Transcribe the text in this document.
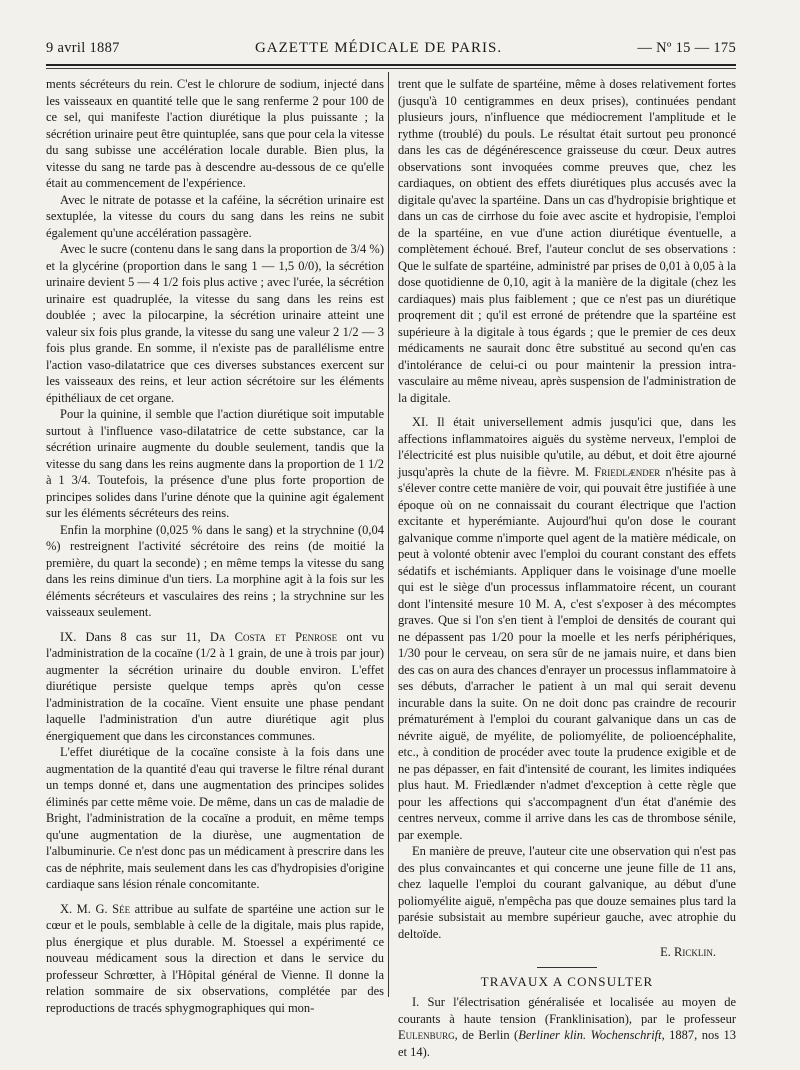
9 avril 1887	GAZETTE MÉDICALE DE PARIS.	— Nº 15 — 175

ments sécréteurs du rein. C'est le chlorure de sodium, injecté dans les vaisseaux en quantité telle que le sang renferme 2 pour 100 de ce sel, qui manifeste l'action diurétique la plus puissante ; la sécrétion urinaire peut être quintuplée, sans que pour cela la vitesse du sang subisse une accélération locale durable. Bien plus, la vitesse du sang ne tarde pas à descendre au-dessous de ce qu'elle était au commencement de l'expérience.

Avec le nitrate de potasse et la caféine, la sécrétion urinaire est sextuplée, la vitesse du cours du sang dans les reins ne subit également qu'une accélération passagère.

Avec le sucre (contenu dans le sang dans la proportion de 3/4 %) et la glycérine (proportion dans le sang 1 — 1,5 0/0), la sécrétion urinaire devient 5 — 4 1/2 fois plus active ; avec l'urée, la sécrétion urinaire est quadruplée, la vitesse du sang dans les reins est doublée ; avec la pilocarpine, la sécrétion urinaire atteint une valeur six fois plus grande, la vitesse du sang une valeur 2 1/2 — 3 fois plus grande. En somme, il n'existe pas de parallélisme entre l'action vaso-dilatatrice que ces diverses substances exercent sur les vaisseaux des reins, et leur action sécrétoire sur les éléments épithéliaux de cet organe.

Pour la quinine, il semble que l'action diurétique soit imputable surtout à l'influence vaso-dilatatrice de cette substance, car la sécrétion urinaire augmente du double seulement, tandis que la vitesse du sang dans les reins augmente dans la proportion de 1 1/2 à 1 3/4. Toutefois, la présence d'une plus forte proportion de principes solides dans l'urine dénote que la quinine agit également sur les éléments sécréteurs des reins.

Enfin la morphine (0,025 % dans le sang) et la strychnine (0,04 %) restreignent l'activité sécrétoire des reins (de moitié la première, du quart la seconde) ; en même temps la vitesse du sang dans les reins diminue d'un tiers. La morphine agit à la fois sur les éléments sécréteurs et vasculaires des reins ; la strychnine sur les vaisseaux seulement.

IX. Dans 8 cas sur 11, Da Costa et Penrose ont vu l'administration de la cocaïne (1/2 à 1 grain, de une à trois par jour) augmenter la sécrétion urinaire du double environ. L'effet diurétique persiste quelque temps après qu'on cesse l'administration de la cocaïne. Vient ensuite une phase pendant laquelle l'administration d'un autre diurétique agit plus énergiquement que dans les circonstances communes.

L'effet diurétique de la cocaïne consiste à la fois dans une augmentation de la quantité d'eau qui traverse le filtre rénal durant un temps donné et, dans une augmentation des principes solides éliminés par cette même voie. De même, dans un cas de maladie de Bright, l'administration de la cocaïne a produit, en même temps qu'une augmentation de la diurèse, une augmentation de l'albuminurie. Ce n'est donc pas un médicament à prescrire dans les cas de néphrite, mais seulement dans les cas d'hydropisies d'origine cardiaque sans lésion rénale concomitante.

X. M. G. Sée attribue au sulfate de spartéine une action sur le cœur et le pouls, semblable à celle de la digitale, mais plus rapide, plus énergique et plus durable. M. Stoessel a expérimenté ce nouveau médicament sous la direction et dans le service du professeur Schrœtter, à l'Hôpital général de Vienne. Il donne la relation sommaire de six observations, complétée par des reproductions de tracés sphygmographiques qui mon-

trent que le sulfate de spartéine, même à doses relativement fortes (jusqu'à 10 centigrammes en deux prises), continuées pendant plusieurs jours, n'influence que médiocrement l'amplitude et le rythme (troublé) du pouls. Le résultat était surtout peu prononcé dans les cas de dégénérescence graisseuse du cœur. Deux autres observations sont invoquées comme preuves que, chez les cardiaques, on obtient des effets diurétiques plus accusés avec la digitale qu'avec la spartéine. Dans un cas d'hydropisie brightique et dans un cas de cirrhose du foie avec ascite et hydropisie, l'emploi de la spartéine, en vue d'une action diurétique éventuelle, a complètement échoué. Bref, l'auteur conclut de ses observations : Que le sulfate de spartéine, administré par prises de 0,01 à 0,05 à la dose quotidienne de 0,10, agit à la manière de la digitale (chez les cardiaques) mais plus faiblement ; que ce n'est pas un diurétique proqrement dit ; qu'il est erroné de prétendre que la spartéine est supérieure à la digitale à tous égards ; que le premier de ces deux médicaments ne saurait donc être substitué au second qu'en cas d'intolérance de celui-ci ou pour maintenir la pression intra-vasculaire au même niveau, après suspension de l'administration de la digitale.

XI. Il était universellement admis jusqu'ici que, dans les affections inflammatoires aiguës du système nerveux, l'emploi de l'électricité est plus nuisible qu'utile, au début, et doit être ajourné jusqu'après la chute de la fièvre. M. Friedlænder n'hésite pas à s'élever contre cette manière de voir, qui pouvait être justifiée à une époque où on ne connaissait du courant électrique que l'action excitante et hyperémiante. Aujourd'hui qu'on dose le courant galvanique comme n'importe quel agent de la matière médicale, on peut à volonté obtenir avec l'emploi du courant constant des effets sédatifs et ischémiants. Appliquer dans le voisinage d'une moelle qui est le siège d'un processus inflammatoire récent, un courant dont l'intensité mesure 10 M. A, c'est s'exposer à des mécomptes graves. Que si l'on s'en tient à l'emploi de densités de courant qui ne dépassent pas 1/20 pour la moelle et les nerfs périphériques, 1/30 pour le cerveau, on sera sûr de ne jamais nuire, et dans bien des cas on aura des chances d'enrayer un processus inflammatoire à ses débuts, d'arracher le patient à un mal qui serait devenu incurable dans la suite. On ne doit donc pas craindre de recourir prématurément à l'emploi du courant galvanique dans un cas de névrite aiguë, de myélite, de poliomyélite, de polioencéphalite, etc., à condition de procéder avec toute la prudence exigible et de ne pas dépasser, en fait d'intensité de courant, les limites indiquées plus haut. M. Friedlænder n'admet d'exception à cette règle que pour les affections qui s'accompagnent d'un état d'anémie des centres nerveux, comme il arrive dans les cas de thrombose sénile, par exemple.

En manière de preuve, l'auteur cite une observation qui n'est pas des plus convaincantes et qui concerne une jeune fille de 11 ans, chez laquelle l'emploi du courant galvanique, au début d'une poliomyélite aiguë, n'empêcha pas que douze semaines plus tard la parésie subsistait au membre supérieur gauche, avec atrophie du deltoïde.

E. Ricklin.
TRAVAUX A CONSULTER

I. Sur l'électrisation généralisée et localisée au moyen de courants à haute tension (Franklinisation), par le professeur Eulenburg, de Berlin (Berliner klin. Wochenschrift, 1887, nos 13 et 14).
